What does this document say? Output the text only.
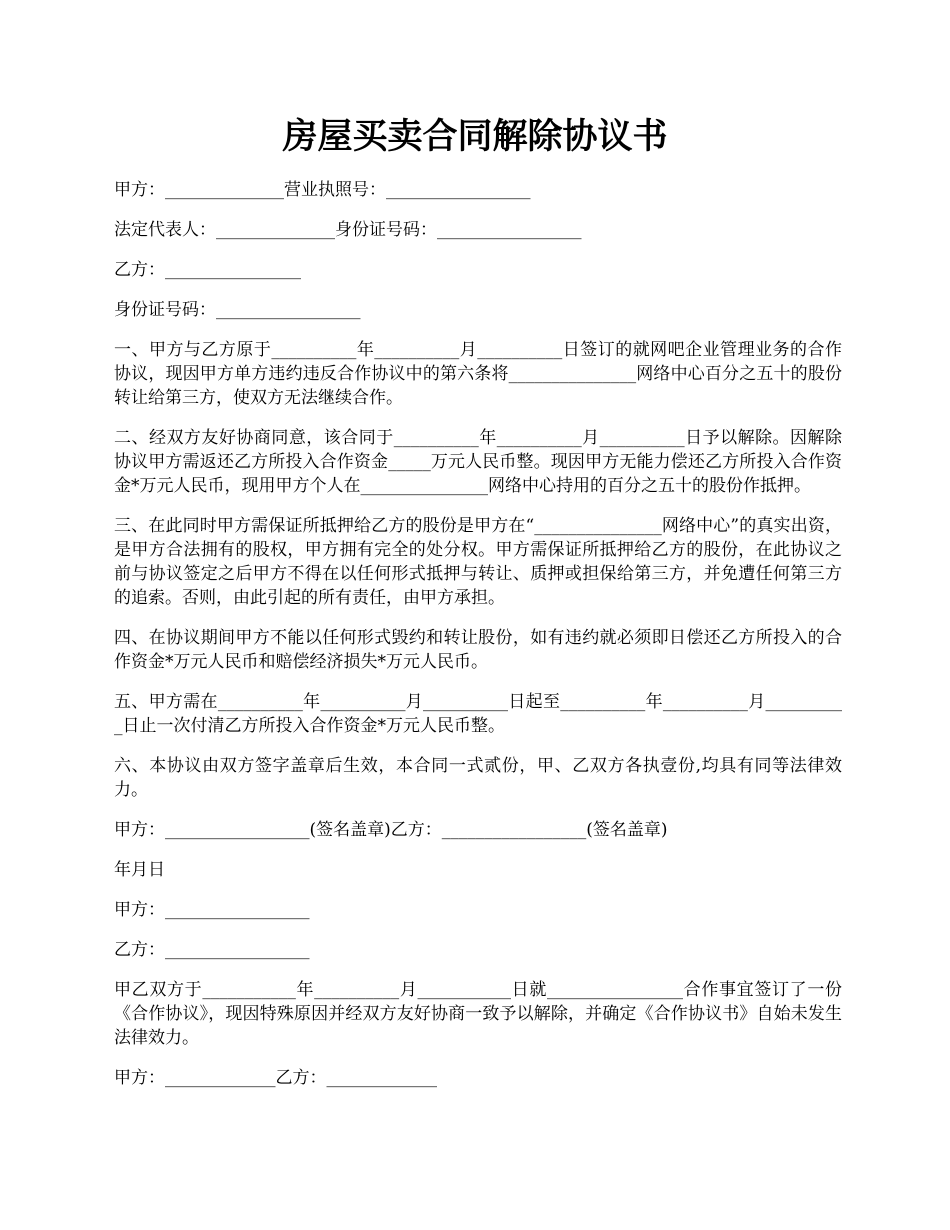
房屋买卖合同解除协议书

甲方：______________营业执照号：_________________

法定代表人：______________身份证号码：_________________

乙方：________________

身份证号码：_________________

一、甲方与乙方原于__________年__________月__________日签订的就网吧企业管理业务的合作协议，现因甲方单方违约违反合作协议中的第六条将_______________网络中心百分之五十的股份转让给第三方，使双方无法继续合作。

二、经双方友好协商同意，该合同于__________年__________月__________日予以解除。因解除协议甲方需返还乙方所投入合作资金_____万元人民币整。现因甲方无能力偿还乙方所投入合作资金*万元人民币，现用甲方个人在_______________网络中心持用的百分之五十的股份作抵押。

三、在此同时甲方需保证所抵押给乙方的股份是甲方在“_______________网络中心”的真实出资，是甲方合法拥有的股权，甲方拥有完全的处分权。甲方需保证所抵押给乙方的股份，在此协议之前与协议签定之后甲方不得在以任何形式抵押与转让、质押或担保给第三方，并免遭任何第三方的追索。否则，由此引起的所有责任，由甲方承担。

四、在协议期间甲方不能以任何形式毁约和转让股份，如有违约就必须即日偿还乙方所投入的合作资金*万元人民币和赔偿经济损失*万元人民币。

五、甲方需在__________年__________月__________日起至__________年__________月__________日止一次付清乙方所投入合作资金*万元人民币整。

六、本协议由双方签字盖章后生效，本合同一式贰份，甲、乙双方各执壹份,均具有同等法律效力。

甲方：_________________(签名盖章)乙方：_________________(签名盖章)

年月日

甲方：_________________

乙方：_________________

甲乙双方于___________年__________月___________日就________________合作事宜签订了一份《合作协议》，现因特殊原因并经双方友好协商一致予以解除，并确定《合作协议书》自始未发生法律效力。

甲方：_____________乙方：_____________
